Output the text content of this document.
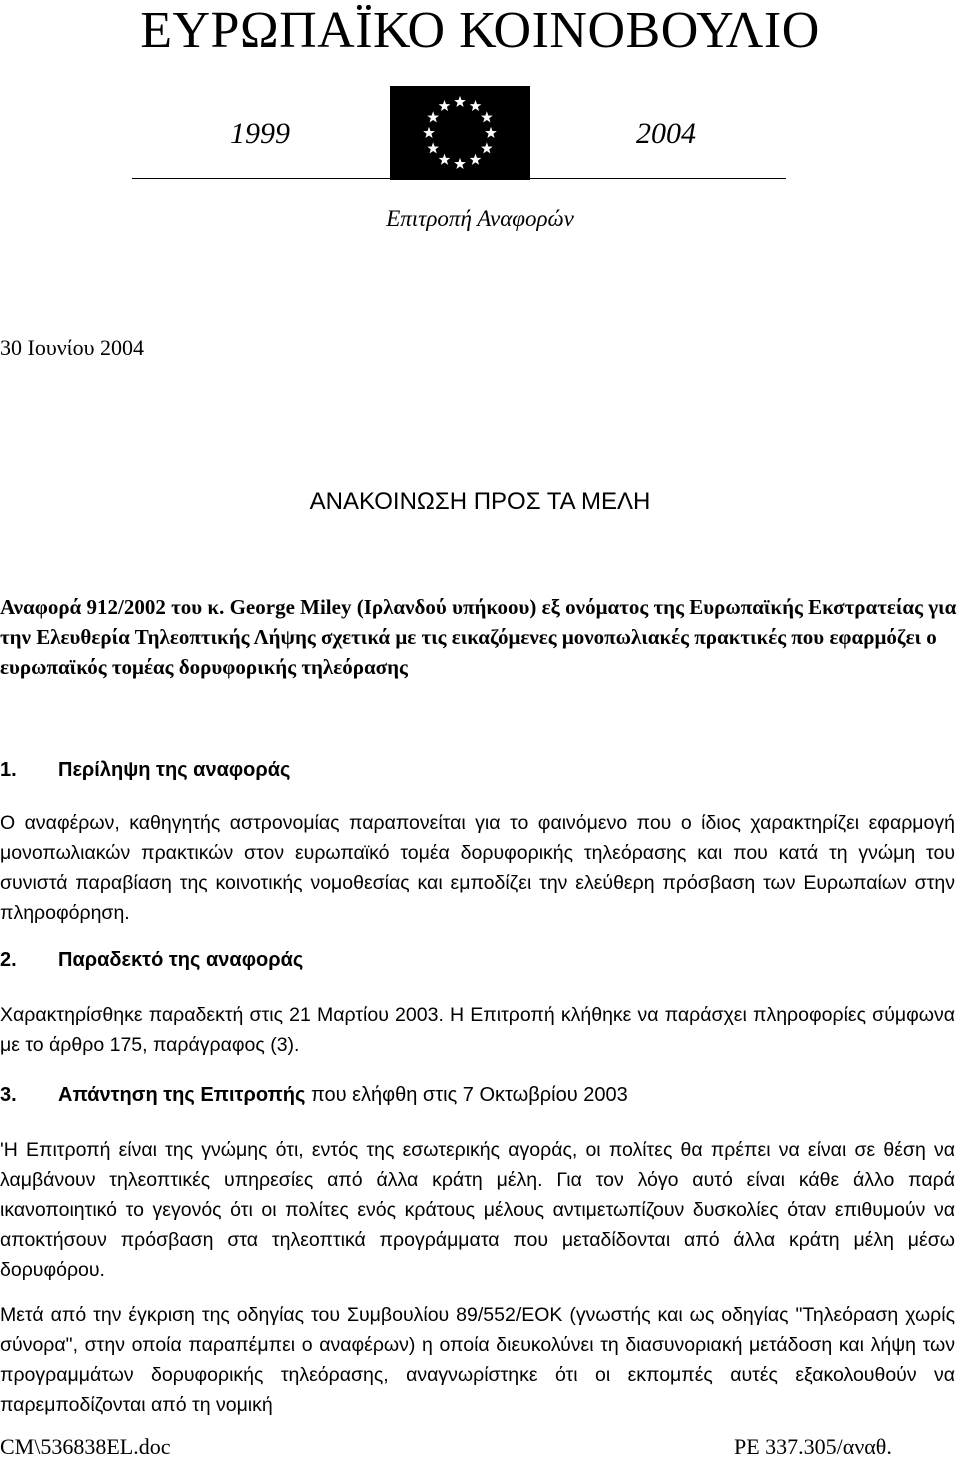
ΕΥΡΩΠΑΪΚΟ ΚΟΙΝΟΒΟΥΛΙΟ
1999	2004
Επιτροπή Αναφορών
30 Ιουνίου 2004
ΑΝΑΚΟΙΝΩΣΗ ΠΡΟΣ ΤΑ ΜΕΛΗ
Αναφορά 912/2002 του κ. George Miley (Ιρλανδού υπήκοου) εξ ονόματος της Ευρωπαϊκής Εκστρατείας για την Ελευθερία Τηλεοπτικής Λήψης σχετικά με τις εικαζόμενες μονοπωλιακές πρακτικές που εφαρμόζει ο ευρωπαϊκός τομέας δορυφορικής τηλεόρασης
1. Περίληψη της αναφοράς
Ο αναφέρων, καθηγητής αστρονομίας παραπονείται για το φαινόμενο που ο ίδιος χαρακτηρίζει εφαρμογή μονοπωλιακών πρακτικών στον ευρωπαϊκό τομέα δορυφορικής τηλεόρασης και που κατά τη γνώμη του συνιστά παραβίαση της κοινοτικής νομοθεσίας και εμποδίζει την ελεύθερη πρόσβαση των Ευρωπαίων στην πληροφόρηση.
2. Παραδεκτό της αναφοράς
Χαρακτηρίσθηκε παραδεκτή στις 21 Μαρτίου 2003. Η Επιτροπή κλήθηκε να παράσχει πληροφορίες σύμφωνα με το άρθρο 175, παράγραφος (3).
3. Απάντηση της Επιτροπής που ελήφθη στις 7 Οκτωβρίου 2003
'Η Επιτροπή είναι της γνώμης ότι, εντός της εσωτερικής αγοράς, οι πολίτες θα πρέπει να είναι σε θέση να λαμβάνουν τηλεοπτικές υπηρεσίες από άλλα κράτη μέλη. Για τον λόγο αυτό είναι κάθε άλλο παρά ικανοποιητικό το γεγονός ότι οι πολίτες ενός κράτους μέλους αντιμετωπίζουν δυσκολίες όταν επιθυμούν να αποκτήσουν πρόσβαση στα τηλεοπτικά προγράμματα που μεταδίδονται από άλλα κράτη μέλη μέσω δορυφόρου.
Μετά από την έγκριση της οδηγίας του Συμβουλίου 89/552/ΕΟΚ (γνωστής και ως οδηγίας "Τηλεόραση χωρίς σύνορα", στην οποία παραπέμπει ο αναφέρων) η οποία διευκολύνει τη διασυνοριακή μετάδοση και λήψη των προγραμμάτων δορυφορικής τηλεόρασης, αναγνωρίστηκε ότι οι εκπομπές αυτές εξακολουθούν να παρεμποδίζονται από τη νομική
CM\536838EL.doc	PE 337.305/αναθ.
